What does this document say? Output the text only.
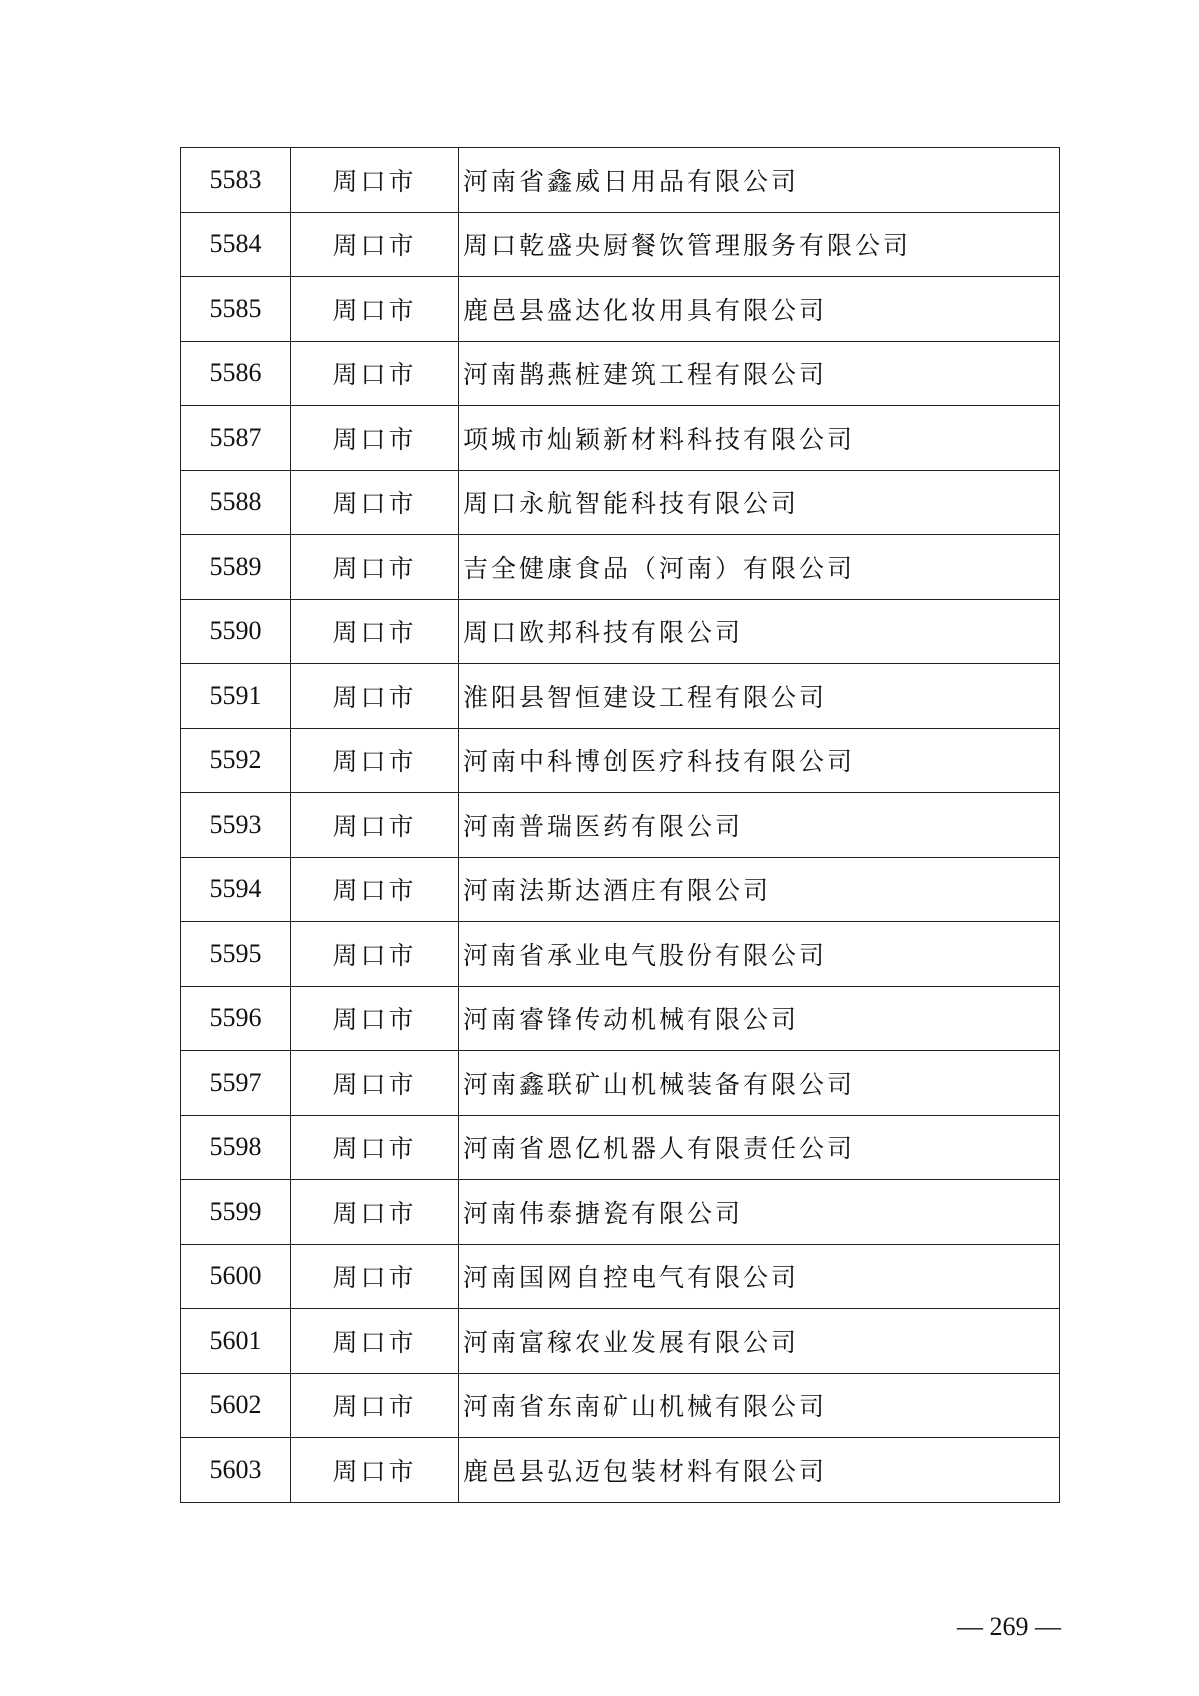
5583	周口市	河南省鑫威日用品有限公司
5584	周口市	周口乾盛央厨餐饮管理服务有限公司
5585	周口市	鹿邑县盛达化妆用具有限公司
5586	周口市	河南鹊燕桩建筑工程有限公司
5587	周口市	项城市灿颖新材料科技有限公司
5588	周口市	周口永航智能科技有限公司
5589	周口市	吉全健康食品（河南）有限公司
5590	周口市	周口欧邦科技有限公司
5591	周口市	淮阳县智恒建设工程有限公司
5592	周口市	河南中科博创医疗科技有限公司
5593	周口市	河南普瑞医药有限公司
5594	周口市	河南法斯达酒庄有限公司
5595	周口市	河南省承业电气股份有限公司
5596	周口市	河南睿锋传动机械有限公司
5597	周口市	河南鑫联矿山机械装备有限公司
5598	周口市	河南省恩亿机器人有限责任公司
5599	周口市	河南伟泰搪瓷有限公司
5600	周口市	河南国网自控电气有限公司
5601	周口市	河南富稼农业发展有限公司
5602	周口市	河南省东南矿山机械有限公司
5603	周口市	鹿邑县弘迈包装材料有限公司
— 269 —
